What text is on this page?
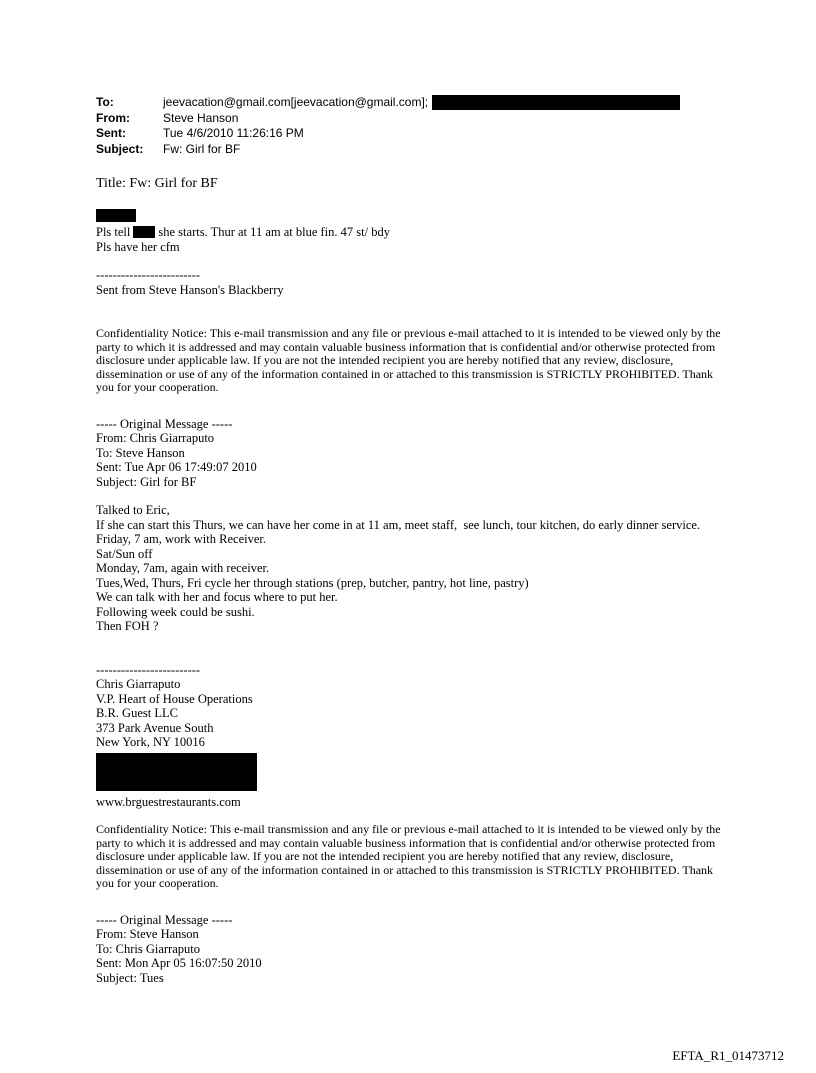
To:	jeevacation@gmail.com[jeevacation@gmail.com];
From:	Steve Hanson
Sent:	Tue 4/6/2010 11:26:16 PM
Subject:	Fw: Girl for BF
Title: Fw: Girl for BF
Pls tell she starts. Thur at 11 am at blue fin. 47 st/ bdy
Pls have her cfm
-------------------------
Sent from Steve Hanson's Blackberry
Confidentiality Notice: This e-mail transmission and any file or previous e-mail attached to it is intended to be viewed only by the party to which it is addressed and may contain valuable business information that is confidential and/or otherwise protected from disclosure under applicable law. If you are not the intended recipient you are hereby notified that any review, disclosure, dissemination or use of any of the information contained in or attached to this transmission is STRICTLY PROHIBITED. Thank you for your cooperation.
----- Original Message -----
From: Chris Giarraputo
To: Steve Hanson
Sent: Tue Apr 06 17:49:07 2010
Subject: Girl for BF
Talked to Eric,
If she can start this Thurs, we can have her come in at 11 am, meet staff,  see lunch, tour kitchen, do early dinner service.
Friday, 7 am, work with Receiver.
Sat/Sun off
Monday, 7am, again with receiver.
Tues,Wed, Thurs, Fri cycle her through stations (prep, butcher, pantry, hot line, pastry)
We can talk with her and focus where to put her.
Following week could be sushi.
Then FOH ?
-------------------------
Chris Giarraputo
V.P. Heart of House Operations
B.R. Guest LLC
373 Park Avenue South
New York, NY 10016
www.brguestrestaurants.com
Confidentiality Notice: This e-mail transmission and any file or previous e-mail attached to it is intended to be viewed only by the party to which it is addressed and may contain valuable business information that is confidential and/or otherwise protected from disclosure under applicable law. If you are not the intended recipient you are hereby notified that any review, disclosure, dissemination or use of any of the information contained in or attached to this transmission is STRICTLY PROHIBITED. Thank you for your cooperation.
----- Original Message -----
From: Steve Hanson
To: Chris Giarraputo
Sent: Mon Apr 05 16:07:50 2010
Subject: Tues
EFTA_R1_01473712
